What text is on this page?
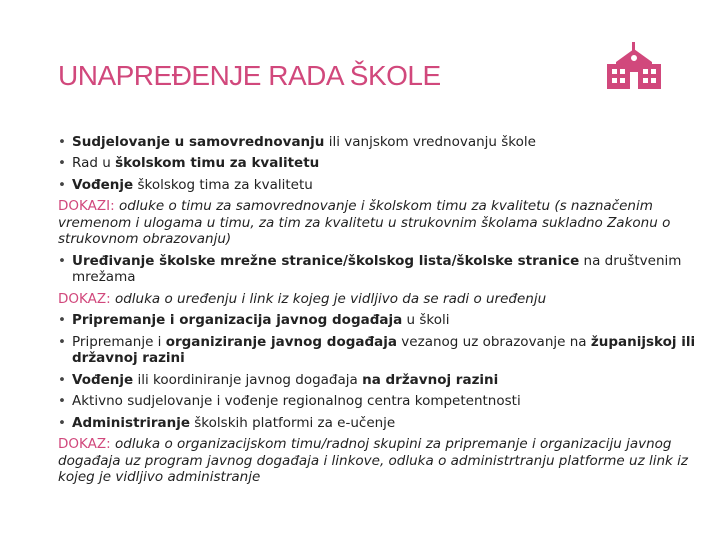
UNAPREĐENJE RADA ŠKOLE
• Sudjelovanje u samovrednovanju ili vanjskom vrednovanju škole
• Rad u školskom timu za kvalitetu
• Vođenje školskog tima za kvalitetu
DOKAZI: odluke o timu za samovrednovanje i školskom timu za kvalitetu (s naznačenim vremenom i ulogama u timu, za tim za kvalitetu u strukovnim školama sukladno Zakonu o strukovnom obrazovanju)
• Uređivanje školske mrežne stranice/školskog lista/školske stranice na društvenim mrežama
DOKAZ: odluka o uređenju i link iz kojeg je vidljivo da se radi o uređenju
• Pripremanje i organizacija javnog događaja u školi
• Pripremanje i organiziranje javnog događaja vezanog uz obrazovanje na županijskoj ili državnoj razini
• Vođenje ili koordiniranje javnog događaja na državnoj razini
• Aktivno sudjelovanje i vođenje regionalnog centra kompetentnosti
• Administriranje školskih platformi za e-učenje
DOKAZ: odluka o organizacijskom timu/radnoj skupini za pripremanje i organizaciju javnog događaja uz program javnog događaja i linkove, odluka o administrtranju platforme uz link iz kojeg je vidljivo administranje
